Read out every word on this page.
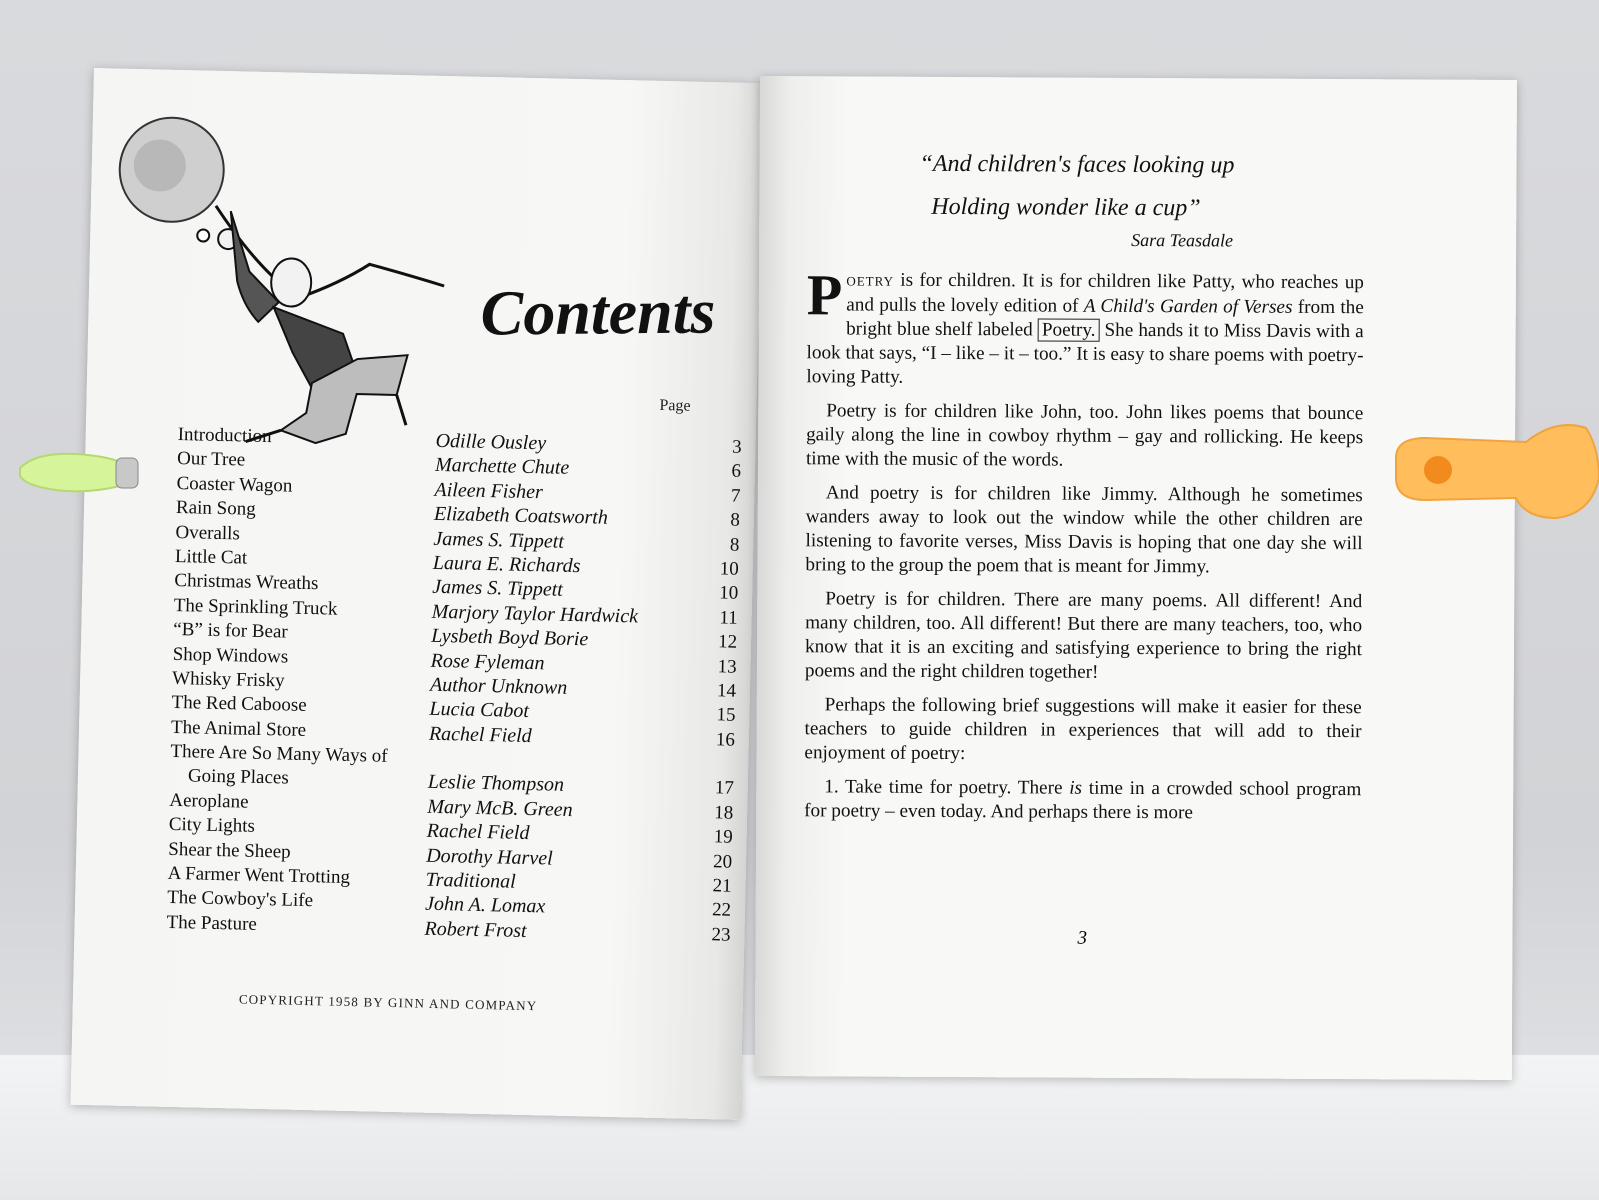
Contents
Page
Introduction	Odille Ousley	3
Our Tree	Marchette Chute	6
Coaster Wagon	Aileen Fisher	7
Rain Song	Elizabeth Coatsworth	8
Overalls	James S. Tippett	8
Little Cat	Laura E. Richards	10
Christmas Wreaths	James S. Tippett	10
The Sprinkling Truck	Marjory Taylor Hardwick	11
“B” is for Bear	Lysbeth Boyd Borie	12
Shop Windows	Rose Fyleman	13
Whisky Frisky	Author Unknown	14
The Red Caboose	Lucia Cabot	15
The Animal Store	Rachel Field	16
There Are So Many Ways of
Going Places	Leslie Thompson	17
Aeroplane	Mary McB. Green	18
City Lights	Rachel Field	19
Shear the Sheep	Dorothy Harvel	20
A Farmer Went Trotting	Traditional	21
The Cowboy's Life	John A. Lomax	22
The Pasture	Robert Frost	23
COPYRIGHT 1958 BY GINN AND COMPANY
“And children's faces looking up
Holding wonder like a cup”
Sara Teasdale

POETRY is for children. It is for children like Patty, who reaches up and pulls the lovely edition of A Child's Garden of Verses from the bright blue shelf labeled Poetry. She hands it to Miss Davis with a look that says, “I – like – it – too.” It is easy to share poems with poetry-loving Patty.

Poetry is for children like John, too. John likes poems that bounce gaily along the line in cowboy rhythm – gay and rollicking. He keeps time with the music of the words.

And poetry is for children like Jimmy. Although he sometimes wanders away to look out the window while the other children are listening to favorite verses, Miss Davis is hoping that one day she will bring to the group the poem that is meant for Jimmy.

Poetry is for children. There are many poems. All different! And many children, too. All different! But there are many teachers, too, who know that it is an exciting and satisfying experience to bring the right poems and the right children together!

Perhaps the following brief suggestions will make it easier for these teachers to guide children in experiences that will add to their enjoyment of poetry:

1. Take time for poetry. There is time in a crowded school program for poetry – even today. And perhaps there is more

3
